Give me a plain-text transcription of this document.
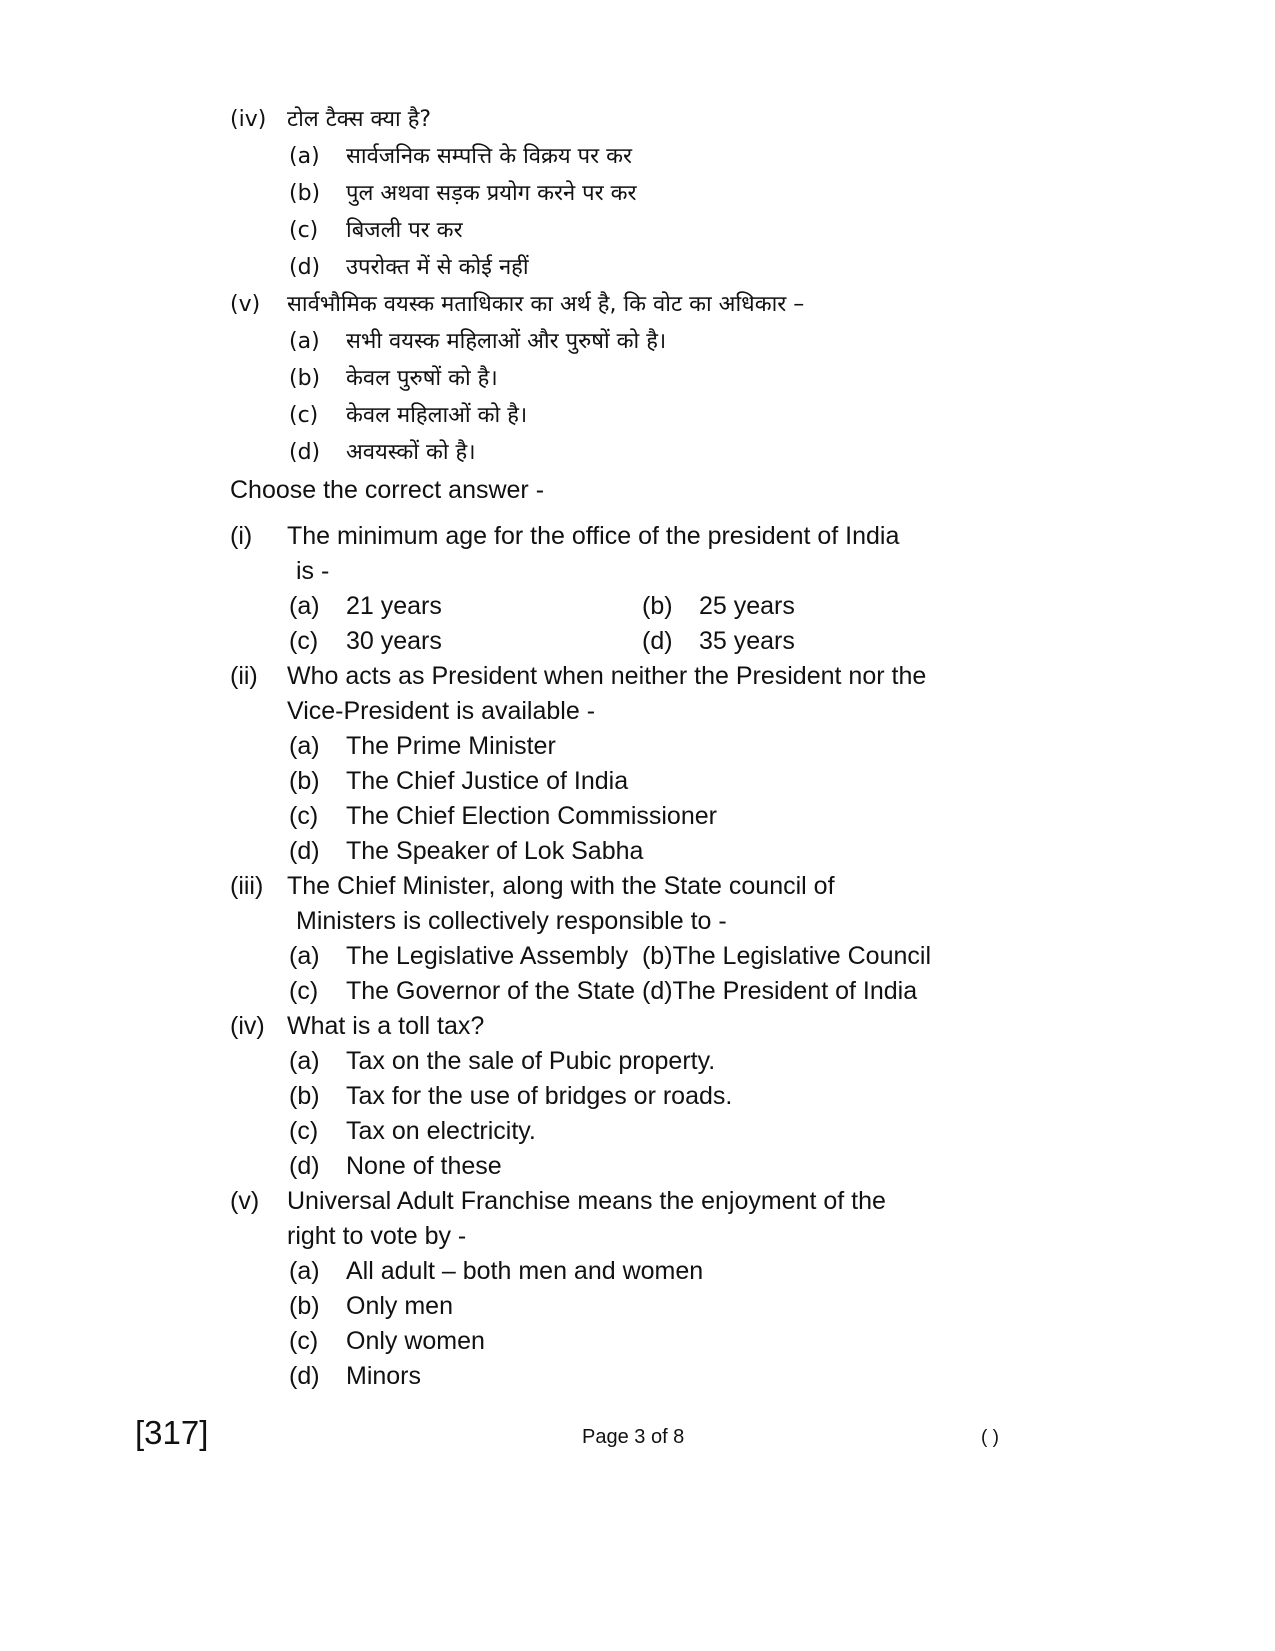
(iv) टोल टैक्स क्या है?
(a) सार्वजनिक सम्पत्ति के विक्रय पर कर
(b) पुल अथवा सड़क प्रयोग करने पर कर
(c) बिजली पर कर
(d) उपरोक्त में से कोई नहीं
(v) सार्वभौमिक वयस्क मताधिकार का अर्थ है, कि वोट का अधिकार –
(a) सभी वयस्क महिलाओं और पुरुषों को है।
(b) केवल पुरुषों को है।
(c) केवल महिलाओं को है।
(d) अवयस्कों को है।
Choose the correct answer -
(i) The minimum age for the office of the president of India
is -
(a) 21 years	(b) 25 years
(c) 30 years	(d) 35 years
(ii) Who acts as President when neither the President nor the
Vice-President is available -
(a) The Prime Minister
(b) The Chief Justice of India
(c) The Chief Election Commissioner
(d) The Speaker of Lok Sabha
(iii) The Chief Minister, along with the State council of
Ministers is collectively responsible to -
(a) The Legislative Assembly  (b)The Legislative Council
(c) The Governor of the State (d)The President of India
(iv) What is a toll tax?
(a) Tax on the sale of Pubic property.
(b) Tax for the use of bridges or roads.
(c) Tax on electricity.
(d) None of these
(v) Universal Adult Franchise means the enjoyment of the
right to vote by -
(a) All adult – both men and women
(b) Only men
(c) Only women
(d) Minors
[317]	Page 3 of 8	( )
